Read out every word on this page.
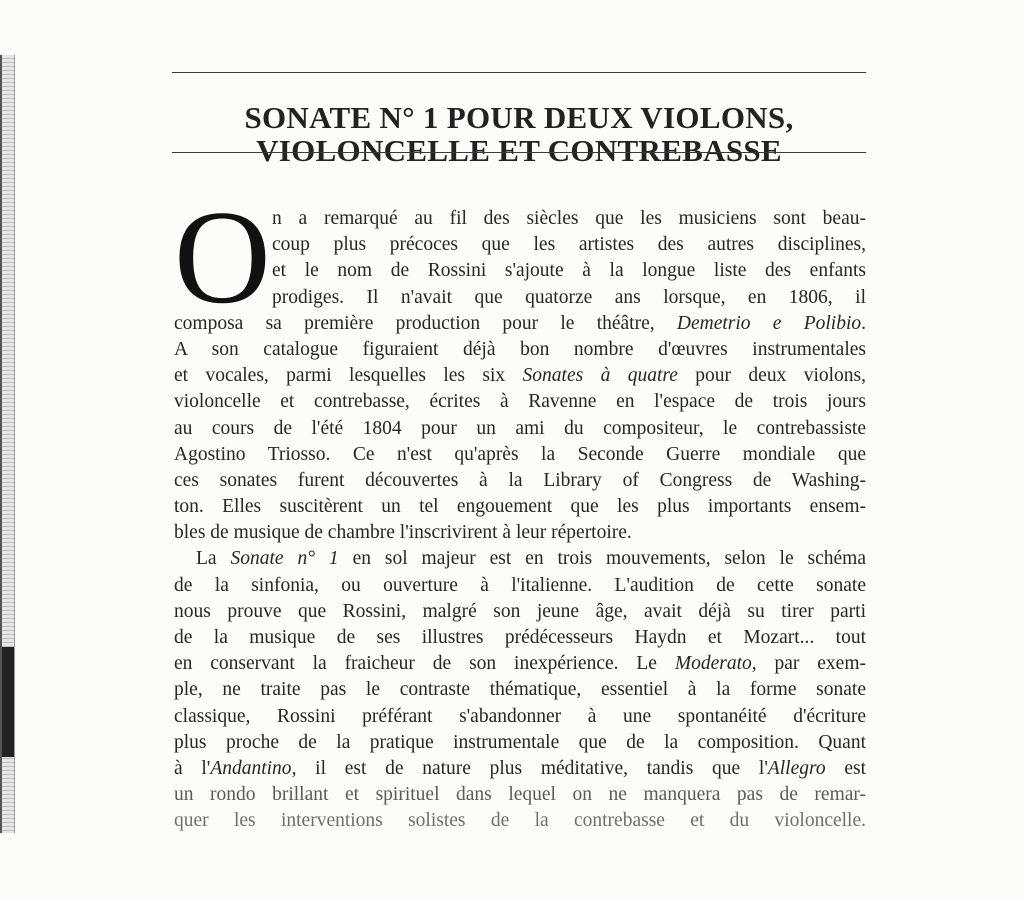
SONATE N° 1 POUR DEUX VIOLONS,
VIOLONCELLE ET CONTREBASSE
O n a remarqué au fil des siècles que les musiciens sont beau-
coup plus précoces que les artistes des autres disciplines,
et le nom de Rossini s'ajoute à la longue liste des enfants
prodiges. Il n'avait que quatorze ans lorsque, en 1806, il
composa sa première production pour le théâtre, Demetrio e Polibio.
A son catalogue figuraient déjà bon nombre d'œuvres instrumentales
et vocales, parmi lesquelles les six Sonates à quatre pour deux violons,
violoncelle et contrebasse, écrites à Ravenne en l'espace de trois jours
au cours de l'été 1804 pour un ami du compositeur, le contrebassiste
Agostino Triosso. Ce n'est qu'après la Seconde Guerre mondiale que
ces sonates furent découvertes à la Library of Congress de Washing-
ton. Elles suscitèrent un tel engouement que les plus importants ensem-
bles de musique de chambre l'inscrivirent à leur répertoire.
La Sonate n° 1 en sol majeur est en trois mouvements, selon le schéma
de la sinfonia, ou ouverture à l'italienne. L'audition de cette sonate
nous prouve que Rossini, malgré son jeune âge, avait déjà su tirer parti
de la musique de ses illustres prédécesseurs Haydn et Mozart... tout
en conservant la fraicheur de son inexpérience. Le Moderato, par exem-
ple, ne traite pas le contraste thématique, essentiel à la forme sonate
classique, Rossini préférant s'abandonner à une spontanéité d'écriture
plus proche de la pratique instrumentale que de la composition. Quant
à l'Andantino, il est de nature plus méditative, tandis que l'Allegro est
un rondo brillant et spirituel dans lequel on ne manquera pas de remar-
quer les interventions solistes de la contrebasse et du violoncelle.
